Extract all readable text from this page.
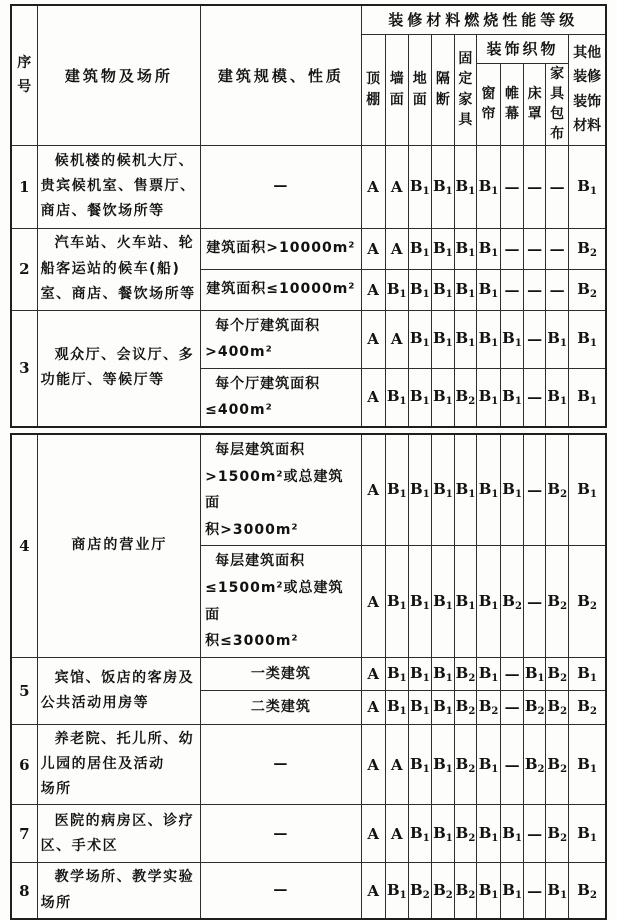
序号	建筑物及场所	建筑规模、性质	装修材料燃烧性能等级									
			顶棚	墙面	地面	隔断	固定家具	装饰织物				其他装修装饰材料
								窗帘	帷幕	床罩	家具包布	
1	候机楼的候机大厅、
贵宾候机室、售票厅、
商店、餐饮场所等	—	A	A	$B_1$	$B_1$	$B_1$	$B_1$	—	—	—	$B_1$
2	汽车站、火车站、轮
船客运站的候车(船)
室、商店、餐饮场所等	建筑面积>10000m²	A	A	$B_1$	$B_1$	$B_1$	$B_1$	—	—	—	$B_2$
		建筑面积≤10000m²	A	$B_1$	$B_1$	$B_1$	$B_1$	$B_1$	—	—	—	$B_2$
3	观众厅、会议厅、多
功能厅、等候厅等	每个厅建筑面积
>400m²	A	A	$B_1$	$B_1$	$B_1$	$B_1$	$B_1$	—	$B_1$	$B_1$
		每个厅建筑面积
≤400m²	A	$B_1$	$B_1$	$B_1$	$B_2$	$B_1$	$B_1$	—	$B_1$	$B_1$
4	商店的营业厅	每层建筑面积
>1500m²或总建筑面
积>3000m²	A	$B_1$	$B_1$	$B_1$	$B_1$	$B_1$	$B_1$	—	$B_2$	$B_1$
		每层建筑面积
≤1500m²或总建筑面
积≤3000m²	A	$B_1$	$B_1$	$B_1$	$B_1$	$B_1$	$B_2$	—	$B_2$	$B_2$
5	宾馆、饭店的客房及
公共活动用房等	一类建筑	A	$B_1$	$B_1$	$B_1$	$B_2$	$B_1$	—	$B_1$	$B_2$	$B_1$
		二类建筑	A	$B_1$	$B_1$	$B_1$	$B_2$	$B_2$	—	$B_2$	$B_2$	$B_2$
6	养老院、托儿所、幼
儿园的居住及活动
场所	—	A	A	$B_1$	$B_1$	$B_2$	$B_1$	—	$B_2$	$B_2$	$B_1$
7	医院的病房区、诊疗
区、手术区	—	A	A	$B_1$	$B_1$	$B_2$	$B_1$	$B_1$	—	$B_2$	$B_1$
8	教学场所、教学实验
场所	—	A	$B_1$	$B_2$	$B_2$	$B_2$	$B_1$	$B_1$	—	$B_1$	$B_2$
